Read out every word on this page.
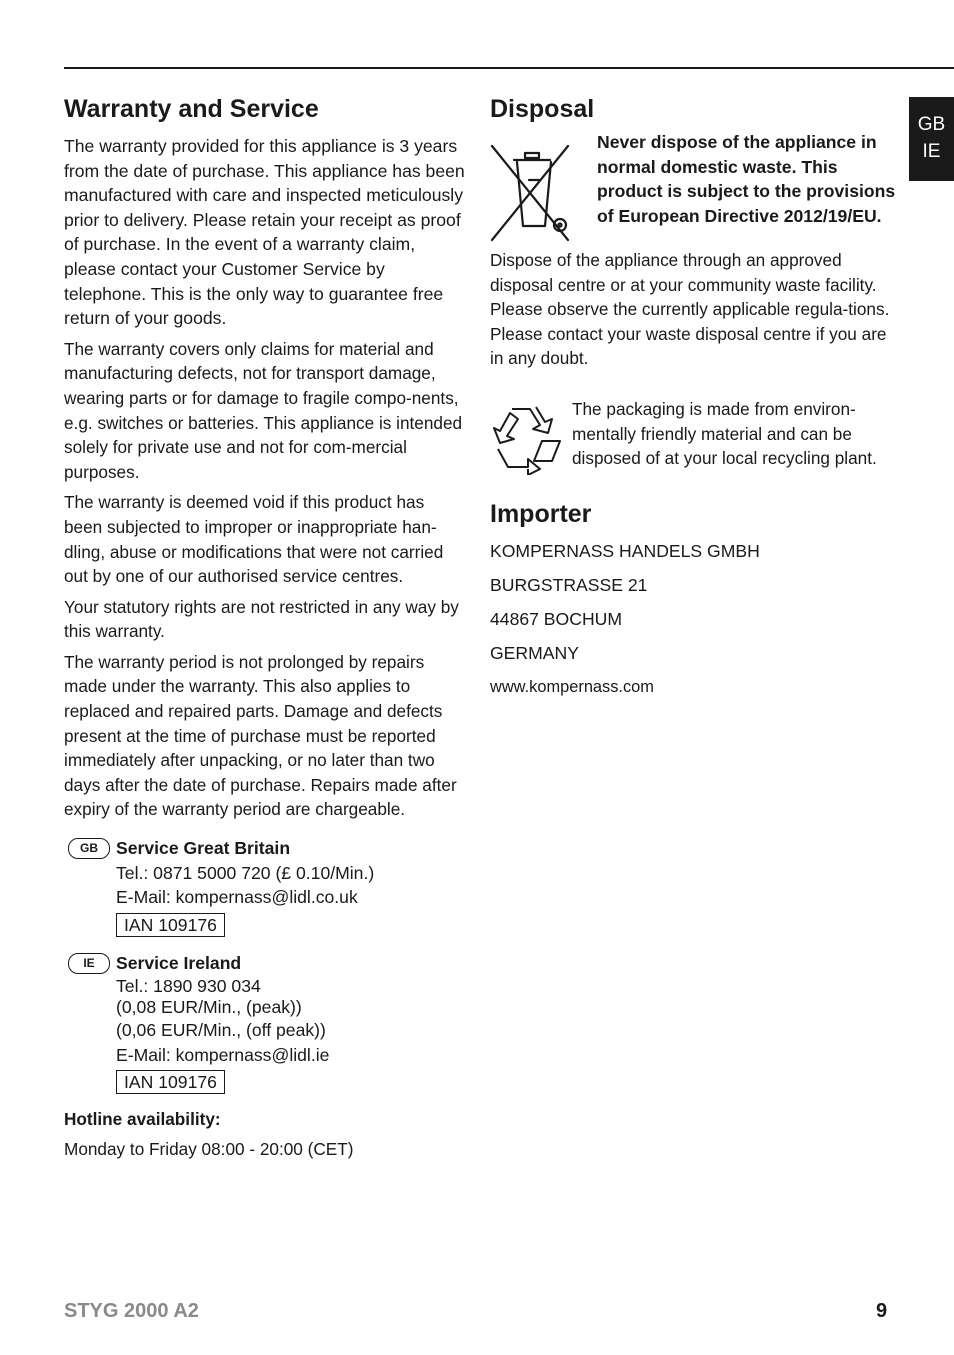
GB
IE
Warranty and Service

The warranty provided for this appliance is 3 years from the date of purchase. This appliance has been manufactured with care and inspected meticulously prior to delivery. Please retain your receipt as proof of purchase. In the event of a warranty claim, please contact your Customer Service by telephone. This is the only way to guarantee free return of your goods.

The warranty covers only claims for material and manufacturing defects, not for transport damage, wearing parts or for damage to fragile compo-nents, e.g. switches or batteries. This appliance is intended solely for private use and not for com-mercial purposes.

The warranty is deemed void if this product has been subjected to improper or inappropriate han-dling, abuse or modifications that were not carried out by one of our authorised service centres.

Your statutory rights are not restricted in any way by this warranty.

The warranty period is not prolonged by repairs made under the warranty. This also applies to replaced and repaired parts. Damage and defects present at the time of purchase must be reported immediately after unpacking, or no later than two days after the date of purchase. Repairs made after expiry of the warranty period are chargeable.

GB	Service Great Britain
Tel.: 0871 5000 720 (£ 0.10/Min.)
E-Mail: kompernass@lidl.co.uk
IAN 109176
IE	Service Ireland
Tel.: 1890 930 034
(0,08 EUR/Min., (peak))
(0,06 EUR/Min., (off peak))
E-Mail: kompernass@lidl.ie
IAN 109176

Hotline availability:

Monday to Friday 08:00 - 20:00 (CET)

Disposal
Never dispose of the appliance in normal domestic waste. This product is subject to the provisions of European Directive 2012/19/EU.

Dispose of the appliance through an approved disposal centre or at your community waste facility. Please observe the currently applicable regula-tions. Please contact your waste disposal centre if you are in any doubt.

The packaging is made from environ-mentally friendly material and can be disposed of at your local recycling plant.
Importer

KOMPERNASS HANDELS GMBH

BURGSTRASSE 21

44867 BOCHUM

GERMANY

www.kompernass.com

STYG 2000 A2	9
